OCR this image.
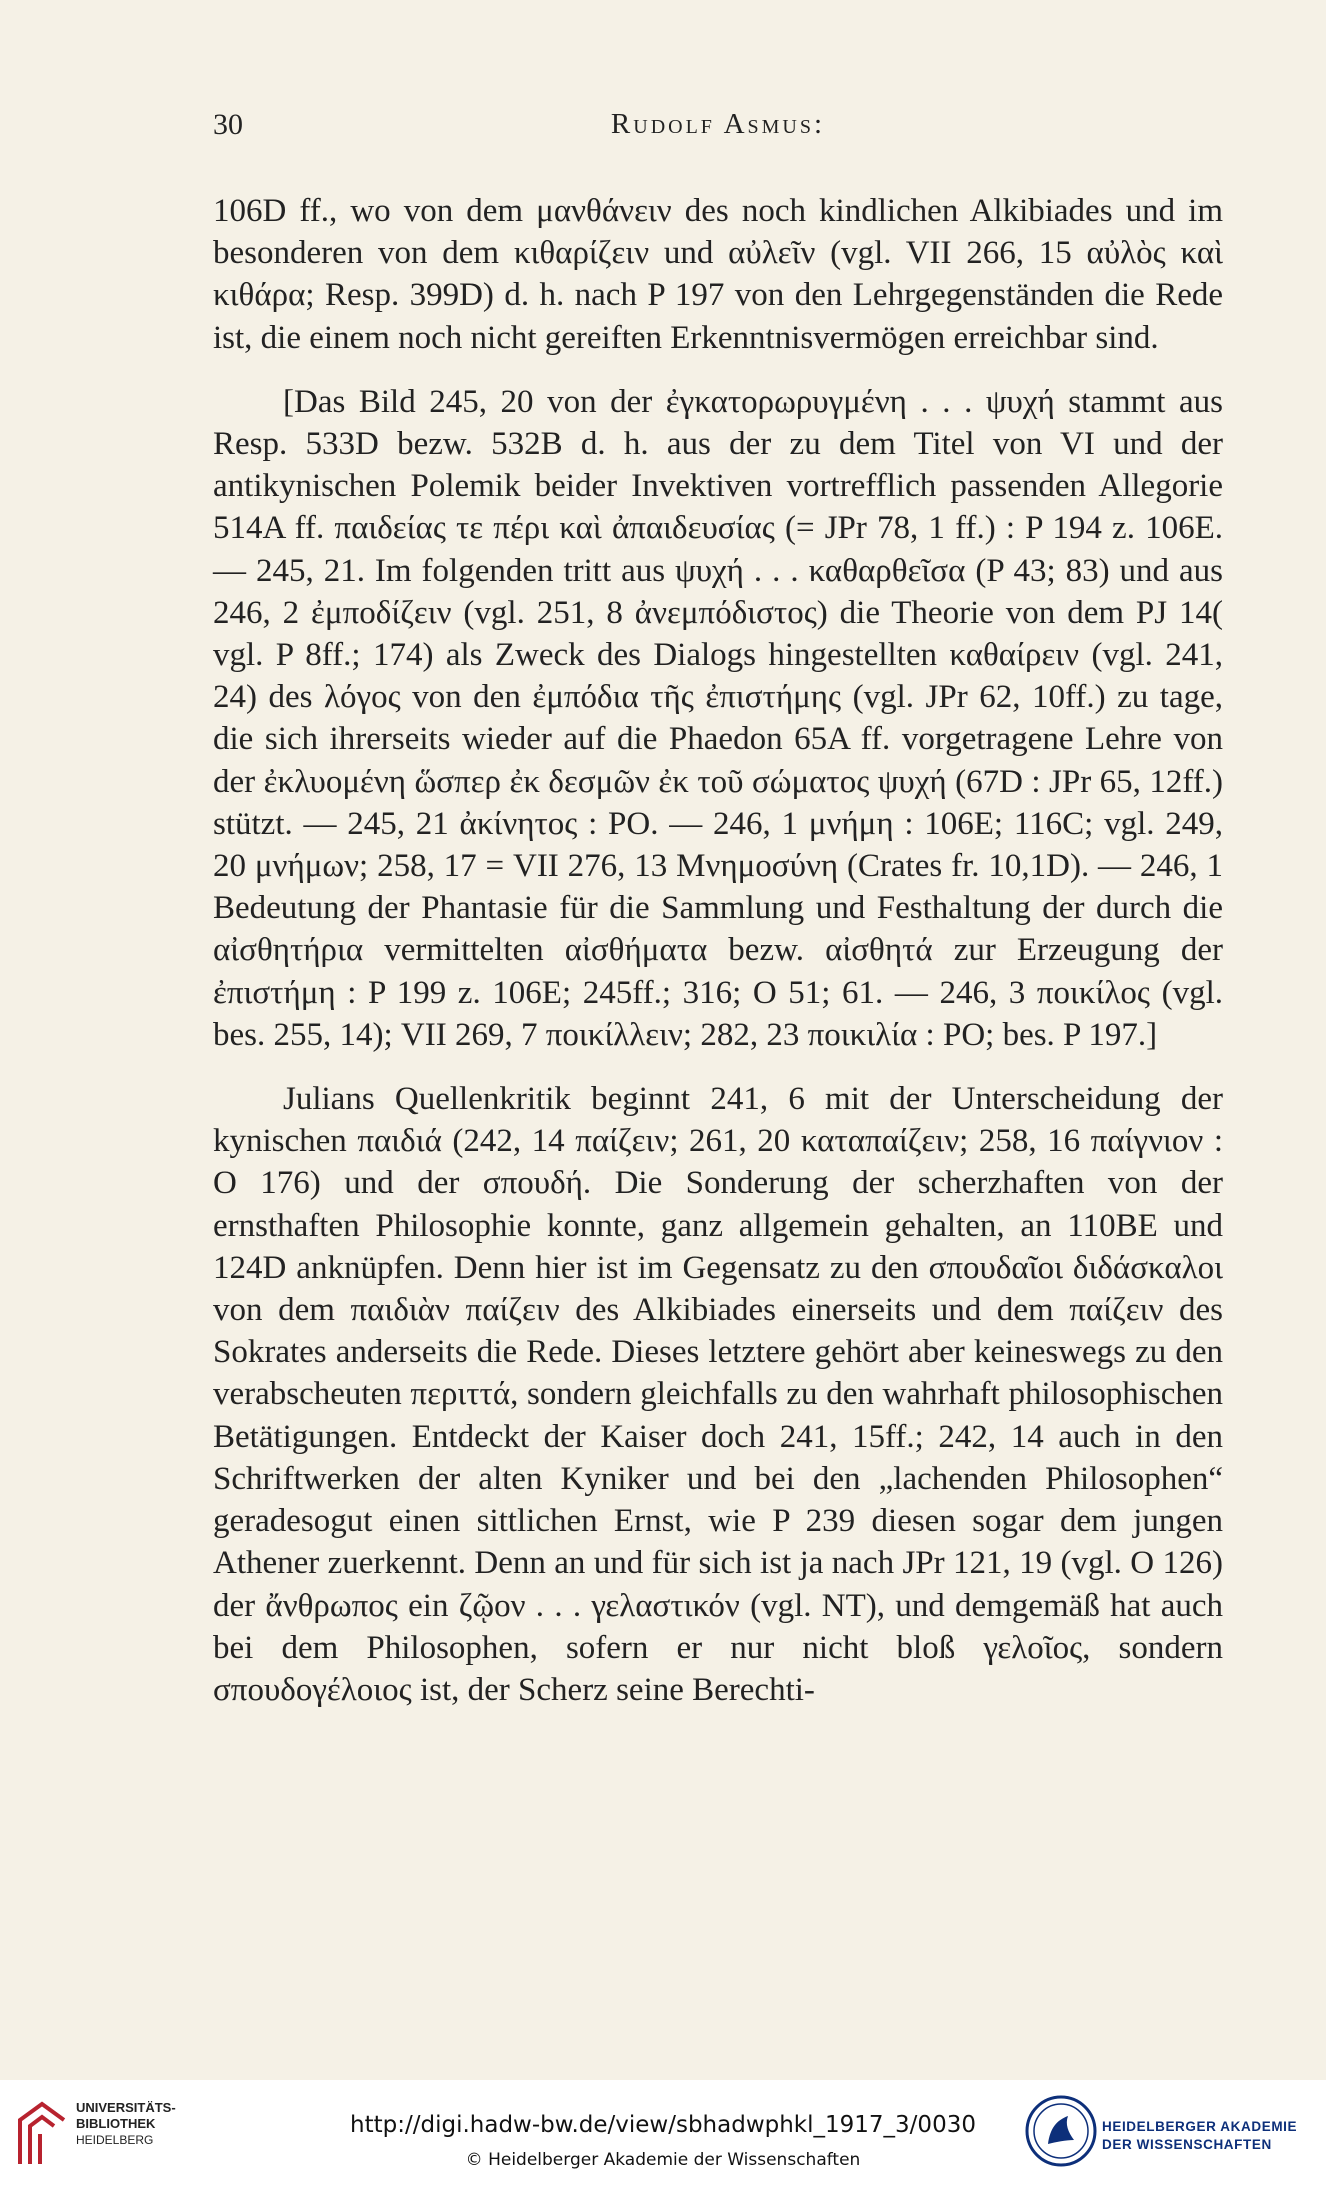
30	Rudolf Asmus:

106D ff., wo von dem μανθάνειν des noch kindlichen Alkibiades und im besonderen von dem κιθαρίζειν und αὐλεῖν (vgl. VII 266, 15 αὐλὸς καὶ κιθάρα; Resp. 399D) d. h. nach P 197 von den Lehrgegenständen die Rede ist, die einem noch nicht gereiften Erkenntnisvermögen erreichbar sind.

[Das Bild 245, 20 von der ἐγκατορωρυγμένη . . . ψυχή stammt aus Resp. 533D bezw. 532B d. h. aus der zu dem Titel von VI und der antikynischen Polemik beider Invektiven vortrefflich passenden Allegorie 514A ff. παιδείας τε πέρι καὶ ἀπαιδευσίας (= JPr 78, 1 ff.) : P 194 z. 106E. — 245, 21. Im folgenden tritt aus ψυχή . . . καθαρθεῖσα (P 43; 83) und aus 246, 2 ἐμποδίζειν (vgl. 251, 8 ἀνεμπόδιστος) die Theorie von dem PJ 14( vgl. P 8ff.; 174) als Zweck des Dialogs hingestellten καθαίρειν (vgl. 241, 24) des λόγος von den ἐμπόδια τῆς ἐπιστήμης (vgl. JPr 62, 10ff.) zu tage, die sich ihrerseits wieder auf die Phaedon 65A ff. vorgetragene Lehre von der ἐκλυομένη ὥσπερ ἐκ δεσμῶν ἐκ τοῦ σώματος ψυχή (67D : JPr 65, 12ff.) stützt. — 245, 21 ἀκίνητος : PO. — 246, 1 μνήμη : 106E; 116C; vgl. 249, 20 μνήμων; 258, 17 = VII 276, 13 Μνημοσύνη (Crates fr. 10,1D). — 246, 1 Bedeutung der Phantasie für die Sammlung und Festhaltung der durch die αἰσθητήρια vermittelten αἰσθήματα bezw. αἰσθητά zur Erzeugung der ἐπιστήμη : P 199 z. 106E; 245ff.; 316; O 51; 61. — 246, 3 ποικίλος (vgl. bes. 255, 14); VII 269, 7 ποικίλλειν; 282, 23 ποικιλία : PO; bes. P 197.]

Julians Quellenkritik beginnt 241, 6 mit der Unterscheidung der kynischen παιδιά (242, 14 παίζειν; 261, 20 καταπαίζειν; 258, 16 παίγνιον : O 176) und der σπουδή. Die Sonderung der scherzhaften von der ernsthaften Philosophie konnte, ganz allgemein gehalten, an 110BE und 124D anknüpfen. Denn hier ist im Gegensatz zu den σπουδαῖοι διδάσκαλοι von dem παιδιὰν παίζειν des Alkibiades einerseits und dem παίζειν des Sokrates anderseits die Rede. Dieses letztere gehört aber keineswegs zu den verabscheuten περιττά, sondern gleichfalls zu den wahrhaft philosophischen Betätigungen. Entdeckt der Kaiser doch 241, 15ff.; 242, 14 auch in den Schriftwerken der alten Kyniker und bei den „lachenden Philosophen“ geradesogut einen sittlichen Ernst, wie P 239 diesen sogar dem jungen Athener zuerkennt. Denn an und für sich ist ja nach JPr 121, 19 (vgl. O 126) der ἄνθρωπος ein ζῷον . . . γελαστικόν (vgl. NT), und demgemäß hat auch bei dem Philosophen, sofern er nur nicht bloß γελοῖος, sondern σπουδογέλοιος ist, der Scherz seine Berechti-

UNIVERSITÄTS-
BIBLIOTHEK
HEIDELBERG
http://digi.hadw-bw.de/view/sbhadwphkl_1917_3/0030
© Heidelberger Akademie der Wissenschaften
HEIDELBERGER AKADEMIE
DER WISSENSCHAFTEN
